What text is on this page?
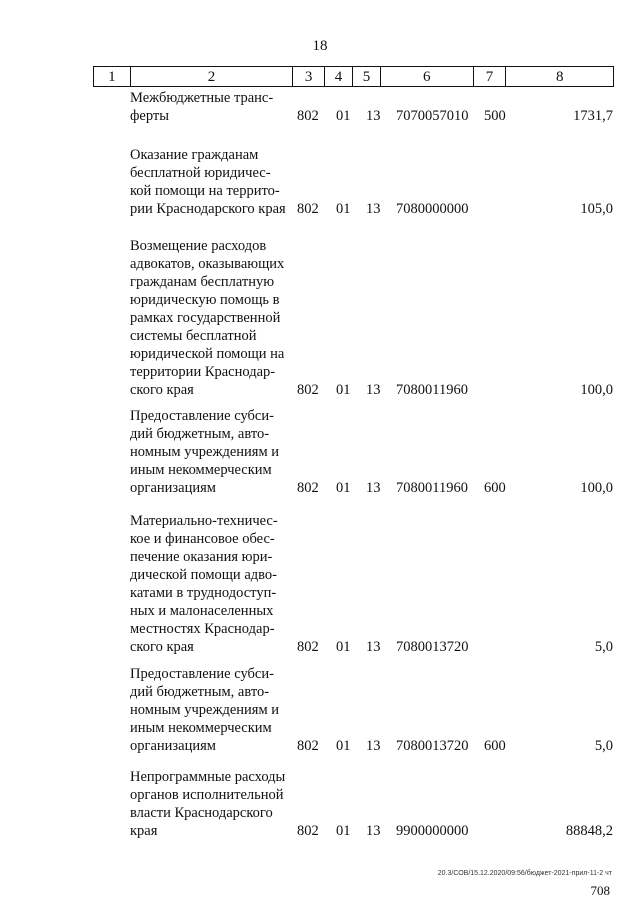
18
1	2	3	4	5	6	7	8
Межбюджетные транс-
ферты	802 01 13 7070057010 500	1731,7
Оказание гражданам
бесплатной юридичес-
кой помощи на террито-
рии Краснодарского края 802 01 13 7080000000	105,0
Возмещение расходов
адвокатов, оказывающих
гражданам бесплатную
юридическую помощь в
рамках государственной
системы бесплатной
юридической помощи на
территории Краснодар-
ского края	802 01 13 7080011960	100,0
Предоставление субси-
дий бюджетным, авто-
номным учреждениям и
иным некоммерческим
организациям	802 01 13 7080011960 600	100,0
Материально-техничес-
кое и финансовое обес-
печение оказания юри-
дической помощи адво-
катами в труднодоступ-
ных и малонаселенных
местностях Краснодар-
ского края	802 01 13 7080013720	5,0
Предоставление субси-
дий бюджетным, авто-
номным учреждениям и
иным некоммерческим
организациям	802 01 13 7080013720 600	5,0
Непрограммные расходы
органов исполнительной
власти Краснодарского
края	802 01 13 9900000000	88848,2
20.3/СОВ/15.12.2020/09:56/бюджет-2021-прил-11-2 чт
708
